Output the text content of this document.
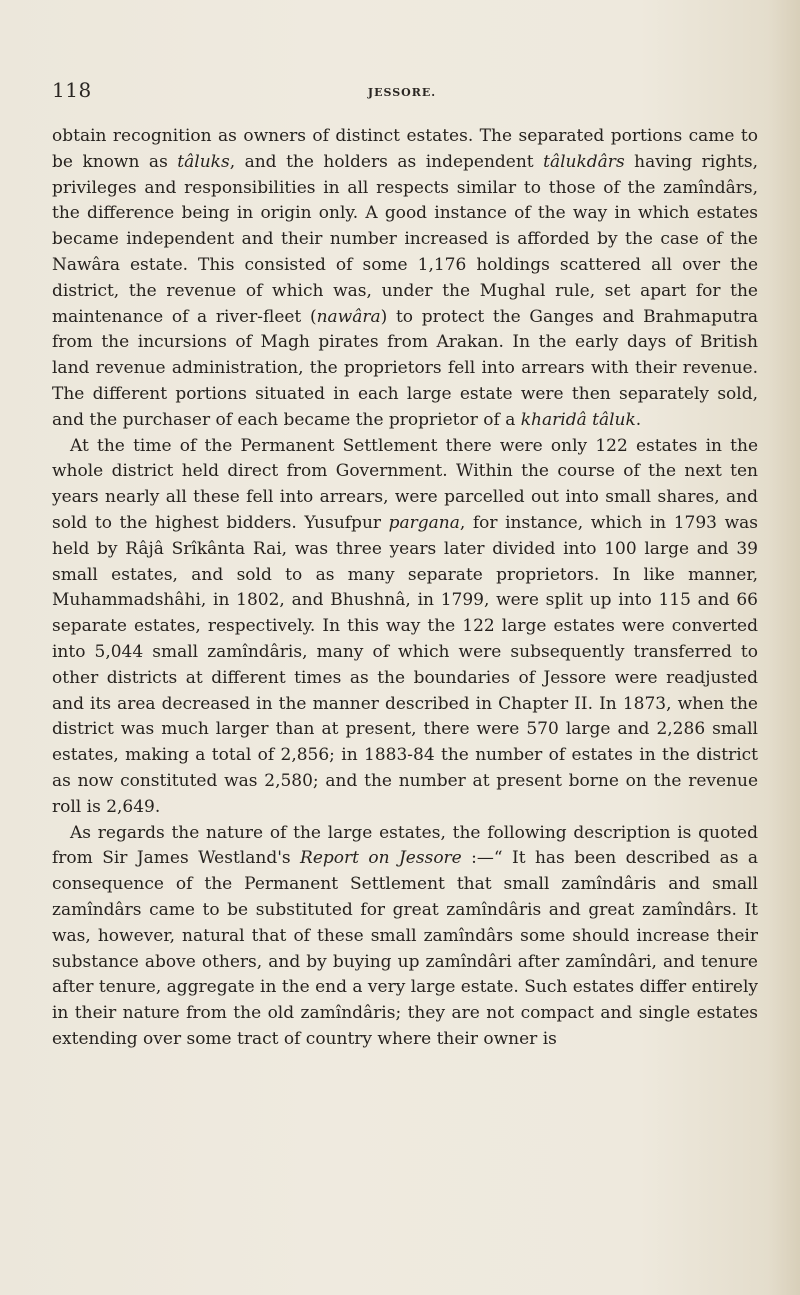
118	JESSORE.

obtain recognition as owners of distinct estates. The separated portions came to be known as tâluks, and the holders as independent tâlukdârs having rights, privileges and responsibilities in all respects similar to those of the zamîndârs, the difference being in origin only. A good instance of the way in which estates became independent and their number increased is afforded by the case of the Nawâra estate. This consisted of some 1,176 holdings scattered all over the district, the revenue of which was, under the Mughal rule, set apart for the maintenance of a river-fleet (nawâra) to protect the Ganges and Brahmaputra from the incursions of Magh pirates from Arakan. In the early days of British land revenue administration, the proprietors fell into arrears with their revenue. The different portions situated in each large estate were then separately sold, and the purchaser of each became the proprietor of a kharidâ tâluk.

At the time of the Permanent Settlement there were only 122 estates in the whole district held direct from Government. Within the course of the next ten years nearly all these fell into arrears, were parcelled out into small shares, and sold to the highest bidders. Yusufpur pargana, for instance, which in 1793 was held by Râjâ Srîkânta Rai, was three years later divided into 100 large and 39 small estates, and sold to as many separate proprietors. In like manner, Muhammadshâhi, in 1802, and Bhushnâ, in 1799, were split up into 115 and 66 separate estates, respectively. In this way the 122 large estates were converted into 5,044 small zamîndâris, many of which were subsequently transferred to other districts at different times as the boundaries of Jessore were readjusted and its area decreased in the manner described in Chapter II. In 1873, when the district was much larger than at present, there were 570 large and 2,286 small estates, making a total of 2,856; in 1883-84 the number of estates in the district as now constituted was 2,580; and the number at present borne on the revenue roll is 2,649.

As regards the nature of the large estates, the following description is quoted from Sir James Westland's Report on Jessore :—“ It has been described as a consequence of the Permanent Settlement that small zamîndâris and small zamîndârs came to be substituted for great zamîndâris and great zamîndârs. It was, however, natural that of these small zamîndârs some should increase their substance above others, and by buying up zamîndâri after zamîndâri, and tenure after tenure, aggregate in the end a very large estate. Such estates differ entirely in their nature from the old zamîndâris; they are not compact and single estates extending over some tract of country where their owner is
